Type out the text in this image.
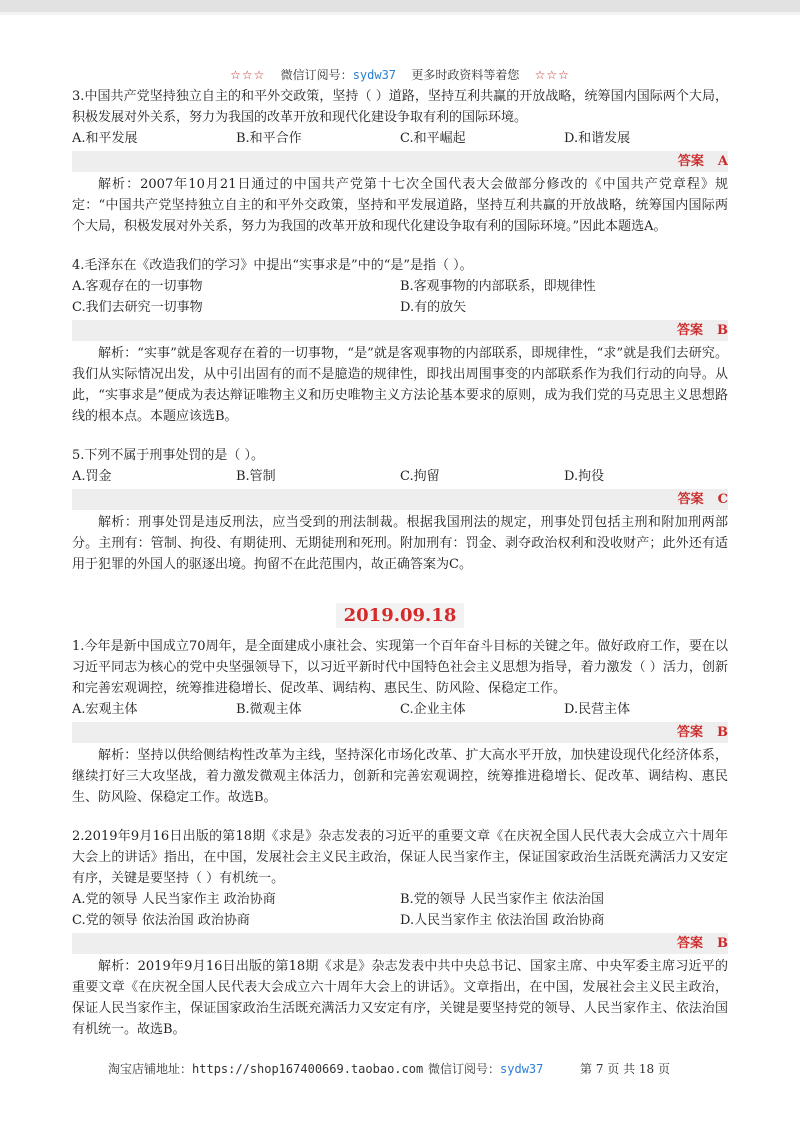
☆☆☆ 微信订阅号：sydw37 更多时政资料等着您 ☆☆☆

3.中国共产党坚持独立自主的和平外交政策，坚持（ ）道路，坚持互利共赢的开放战略，统筹国内国际两个大局，积极发展对外关系，努力为我国的改革开放和现代化建设争取有利的国际环境。

A.和平发展	B.和平合作	C.和平崛起	D.和谐发展
答案 A

解析：2007年10月21日通过的中国共产党第十七次全国代表大会做部分修改的《中国共产党章程》规定：“中国共产党坚持独立自主的和平外交政策，坚持和平发展道路，坚持互利共赢的开放战略，统筹国内国际两个大局，积极发展对外关系，努力为我国的改革开放和现代化建设争取有利的国际环境。”因此本题选A。

4.毛泽东在《改造我们的学习》中提出“实事求是”中的“是”是指（ ）。

A.客观存在的一切事物	B.客观事物的内部联系，即规律性
C.我们去研究一切事物	D.有的放矢
答案 B

解析：“实事”就是客观存在着的一切事物，“是”就是客观事物的内部联系，即规律性，“求”就是我们去研究。我们从实际情况出发，从中引出固有的而不是臆造的规律性，即找出周围事变的内部联系作为我们行动的向导。从此，“实事求是”便成为表达辩证唯物主义和历史唯物主义方法论基本要求的原则，成为我们党的马克思主义思想路线的根本点。本题应该选B。

5.下列不属于刑事处罚的是（ ）。

A.罚金	B.管制	C.拘留	D.拘役
答案 C

解析：刑事处罚是违反刑法，应当受到的刑法制裁。根据我国刑法的规定，刑事处罚包括主刑和附加刑两部分。主刑有：管制、拘役、有期徒刑、无期徒刑和死刑。附加刑有：罚金、剥夺政治权利和没收财产；此外还有适用于犯罪的外国人的驱逐出境。拘留不在此范围内，故正确答案为C。

2019.09.18

1.今年是新中国成立70周年，是全面建成小康社会、实现第一个百年奋斗目标的关键之年。做好政府工作，要在以习近平同志为核心的党中央坚强领导下，以习近平新时代中国特色社会主义思想为指导，着力激发（ ）活力，创新和完善宏观调控，统筹推进稳增长、促改革、调结构、惠民生、防风险、保稳定工作。

A.宏观主体	B.微观主体	C.企业主体	D.民营主体
答案 B

解析：坚持以供给侧结构性改革为主线，坚持深化市场化改革、扩大高水平开放，加快建设现代化经济体系，继续打好三大攻坚战，着力激发微观主体活力，创新和完善宏观调控，统筹推进稳增长、促改革、调结构、惠民生、防风险、保稳定工作。故选B。

2.2019年9月16日出版的第18期《求是》杂志发表的习近平的重要文章《在庆祝全国人民代表大会成立六十周年大会上的讲话》指出，在中国，发展社会主义民主政治，保证人民当家作主，保证国家政治生活既充满活力又安定有序，关键是要坚持（ ）有机统一。

A.党的领导 人民当家作主 政治协商	B.党的领导 人民当家作主 依法治国
C.党的领导 依法治国 政治协商	D.人民当家作主 依法治国 政治协商
答案 B

解析：2019年9月16日出版的第18期《求是》杂志发表中共中央总书记、国家主席、中央军委主席习近平的重要文章《在庆祝全国人民代表大会成立六十周年大会上的讲话》。文章指出，在中国，发展社会主义民主政治，保证人民当家作主，保证国家政治生活既充满活力又安定有序，关键是要坚持党的领导、人民当家作主、依法治国有机统一。故选B。

淘宝店铺地址：https://shop167400669.taobao.com 微信订阅号：sydw37	第 7 页 共 18 页
